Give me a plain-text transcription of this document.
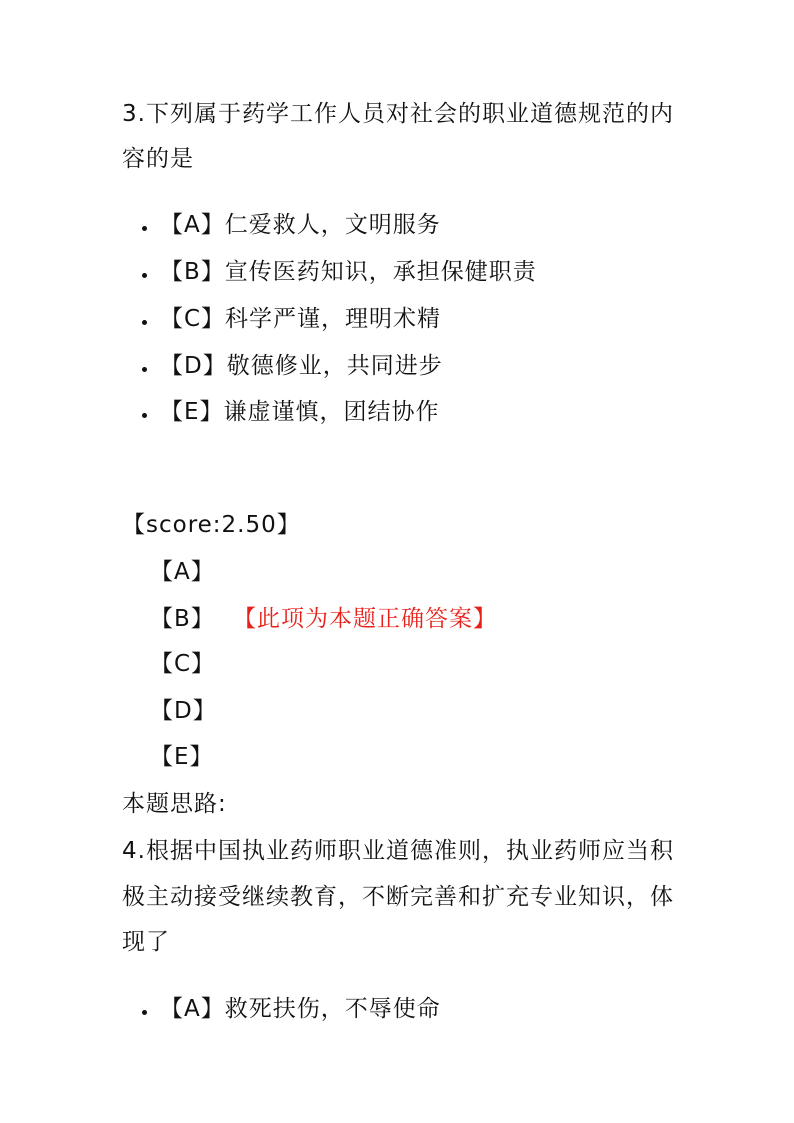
3.下列属于药学工作人员对社会的职业道德规范的内
容的是
【A】仁爱救人，文明服务
【B】宣传医药知识，承担保健职责
【C】科学严谨，理明术精
【D】敬德修业，共同进步
【E】谦虚谨慎，团结协作
【score:2.50】
【A】
【B】 【此项为本题正确答案】
【C】
【D】
【E】
本题思路:
4.根据中国执业药师职业道德准则，执业药师应当积
极主动接受继续教育，不断完善和扩充专业知识，体
现了
【A】救死扶伤，不辱使命
